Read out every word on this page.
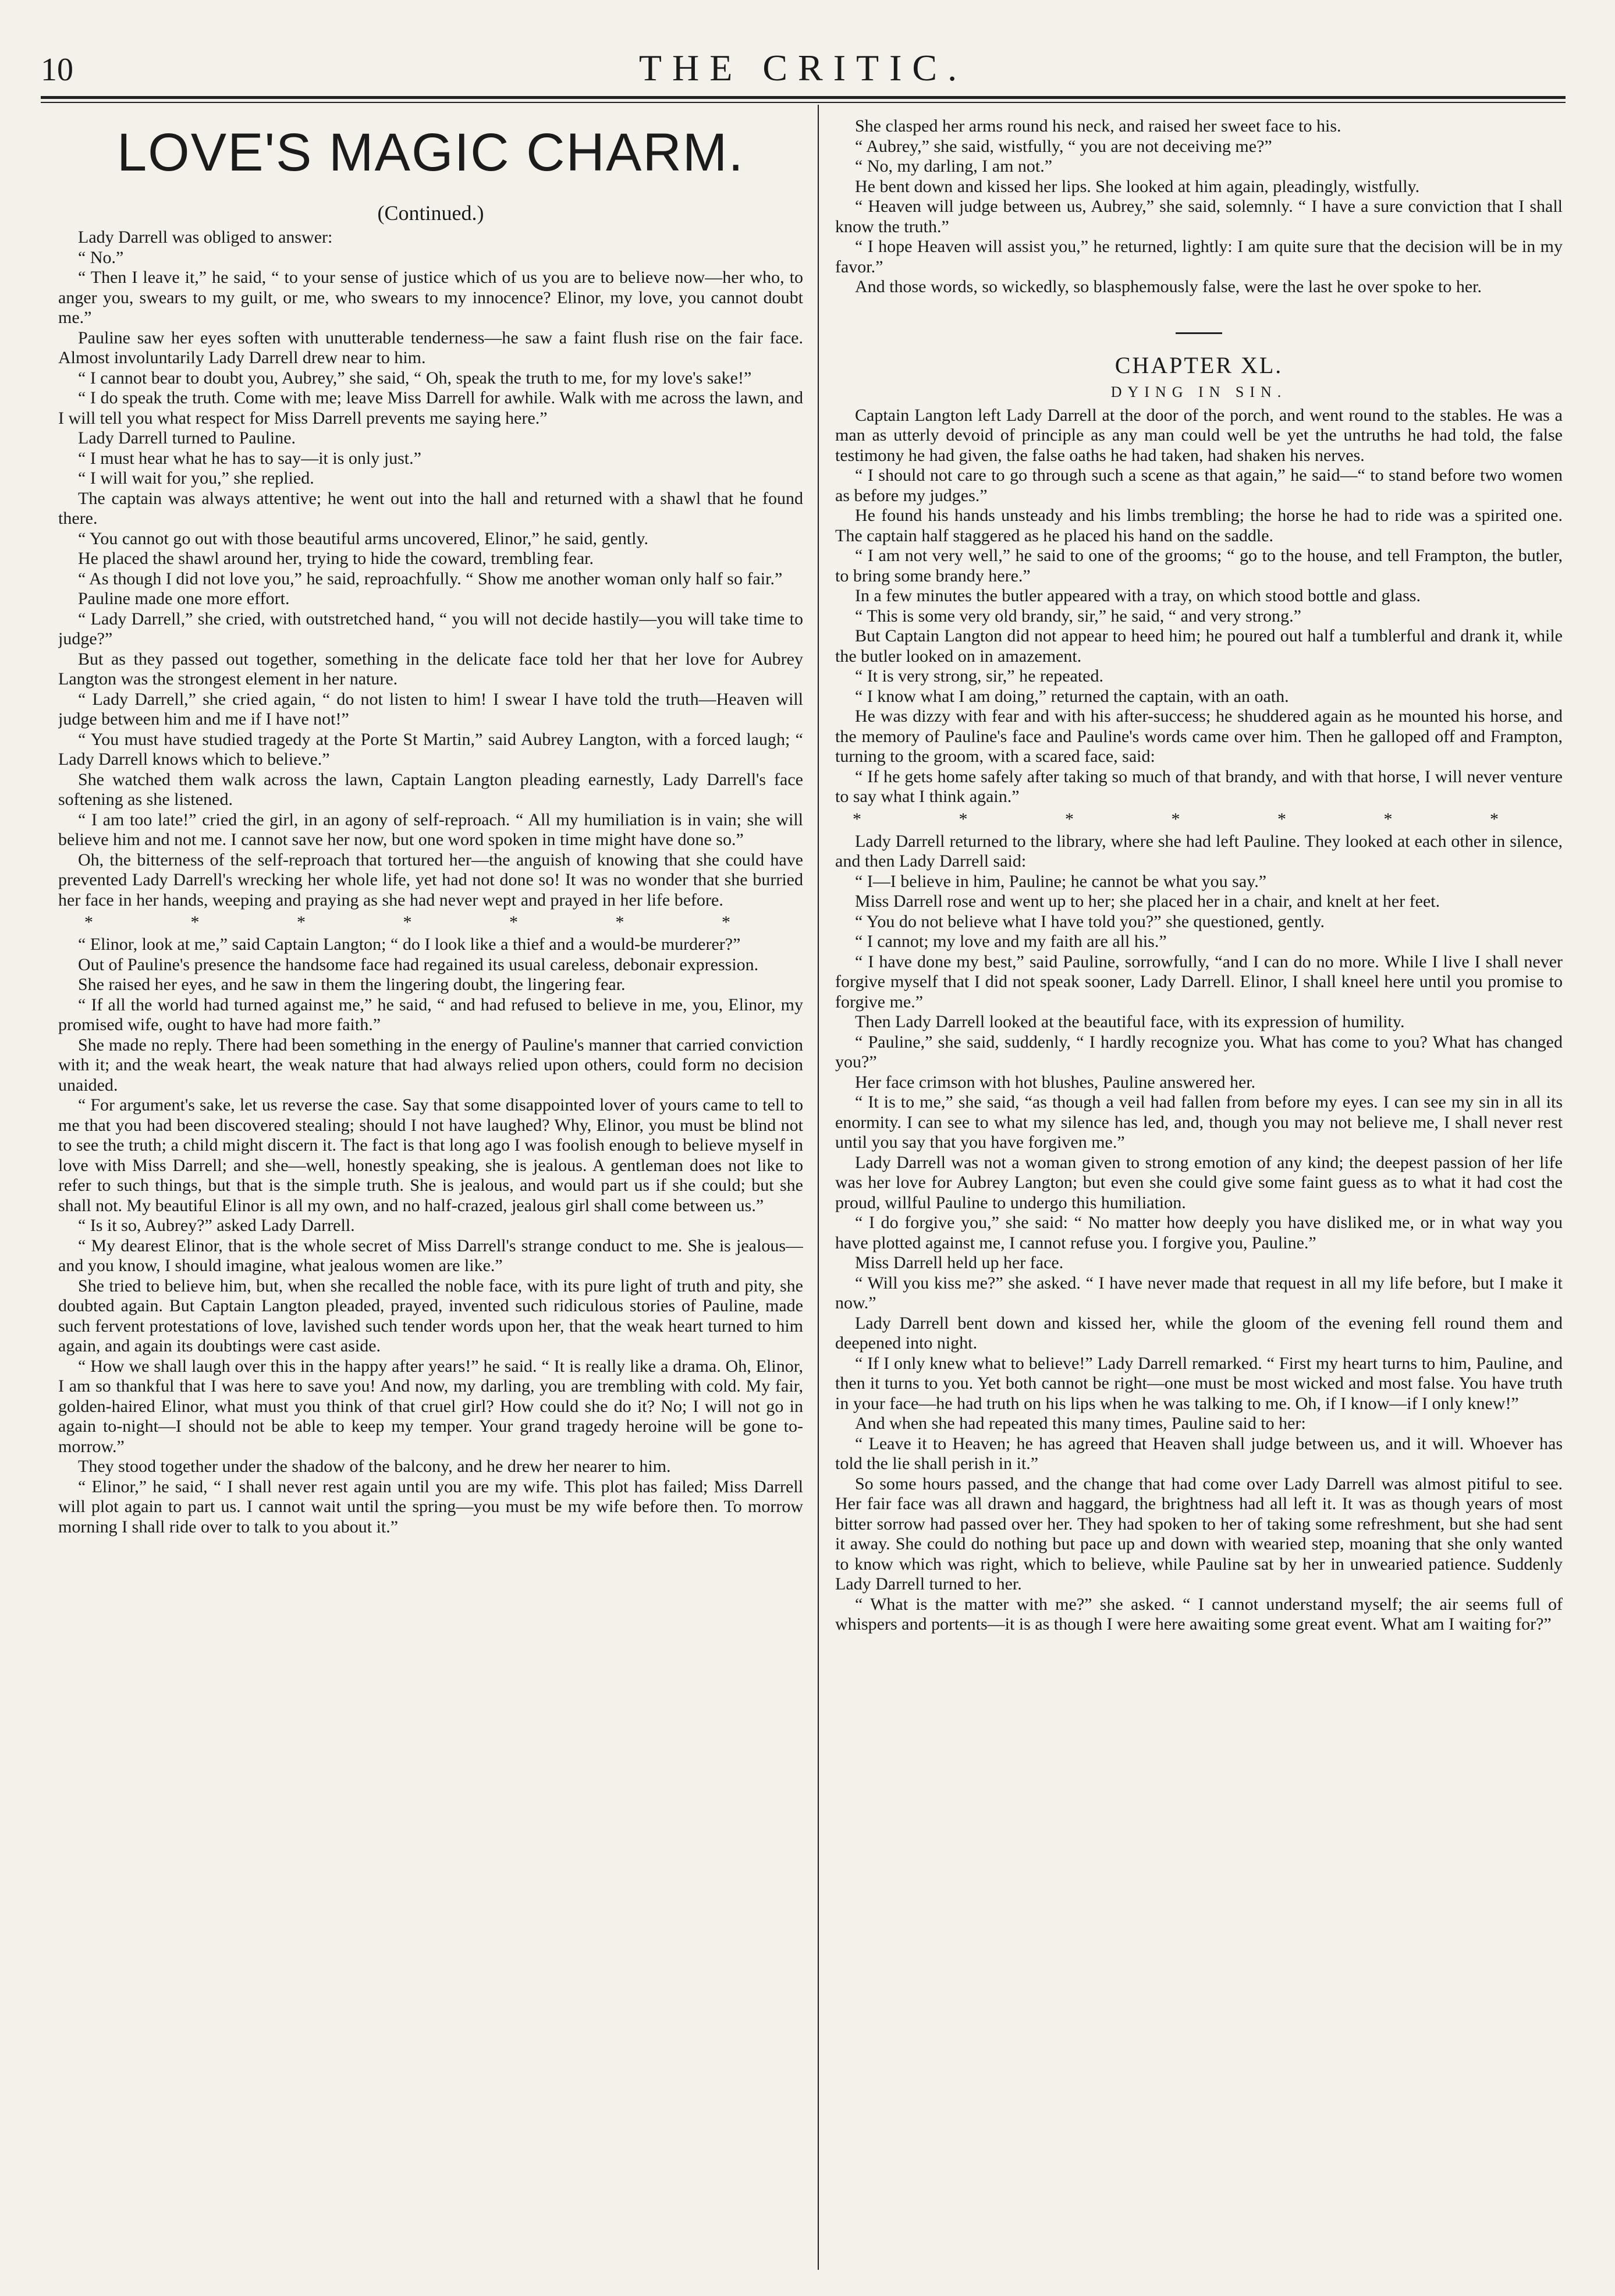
10	THE CRITIC.
LOVE'S MAGIC CHARM.
(Continued.)

Lady Darrell was obliged to answer:

“ No.”

“ Then I leave it,” he said, “ to your sense of justice which of us you are to believe now—her who, to anger you, swears to my guilt, or me, who swears to my innocence? Elinor, my love, you cannot doubt me.”

Pauline saw her eyes soften with unutterable tenderness—he saw a faint flush rise on the fair face. Almost involuntarily Lady Darrell drew near to him.

“ I cannot bear to doubt you, Aubrey,” she said, “ Oh, speak the truth to me, for my love's sake!”

“ I do speak the truth. Come with me; leave Miss Darrell for awhile. Walk with me across the lawn, and I will tell you what respect for Miss Darrell prevents me saying here.”

Lady Darrell turned to Pauline.

“ I must hear what he has to say—it is only just.”

“ I will wait for you,” she replied.

The captain was always attentive; he went out into the hall and returned with a shawl that he found there.

“ You cannot go out with those beautiful arms uncovered, Elinor,” he said, gently.

He placed the shawl around her, trying to hide the coward, trembling fear.

“ As though I did not love you,” he said, reproachfully. “ Show me another woman only half so fair.”

Pauline made one more effort.

“ Lady Darrell,” she cried, with outstretched hand, “ you will not decide hastily—you will take time to judge?”

But as they passed out together, something in the delicate face told her that her love for Aubrey Langton was the strongest element in her nature.

“ Lady Darrell,” she cried again, “ do not listen to him! I swear I have told the truth—Heaven will judge between him and me if I have not!”

“ You must have studied tragedy at the Porte St Martin,” said Aubrey Langton, with a forced laugh; “ Lady Darrell knows which to believe.”

She watched them walk across the lawn, Captain Langton pleading earnestly, Lady Darrell's face softening as she listened.

“ I am too late!” cried the girl, in an agony of self-reproach. “ All my humiliation is in vain; she will believe him and not me. I cannot save her now, but one word spoken in time might have done so.”

Oh, the bitterness of the self-reproach that tortured her—the anguish of knowing that she could have prevented Lady Darrell's wrecking her whole life, yet had not done so! It was no wonder that she burried her face in her hands, weeping and praying as she had never wept and prayed in her life before.

* * * * * * *

“ Elinor, look at me,” said Captain Langton; “ do I look like a thief and a would-be murderer?”

Out of Pauline's presence the handsome face had regained its usual careless, debonair expression.

She raised her eyes, and he saw in them the lingering doubt, the lingering fear.

“ If all the world had turned against me,” he said, “ and had refused to believe in me, you, Elinor, my promised wife, ought to have had more faith.”

She made no reply. There had been something in the energy of Pauline's manner that carried conviction with it; and the weak heart, the weak nature that had always relied upon others, could form no decision unaided.

“ For argument's sake, let us reverse the case. Say that some disappointed lover of yours came to tell to me that you had been discovered stealing; should I not have laughed? Why, Elinor, you must be blind not to see the truth; a child might discern it. The fact is that long ago I was foolish enough to believe myself in love with Miss Darrell; and she—well, honestly speaking, she is jealous. A gentleman does not like to refer to such things, but that is the simple truth. She is jealous, and would part us if she could; but she shall not. My beautiful Elinor is all my own, and no half-crazed, jealous girl shall come between us.”

“ Is it so, Aubrey?” asked Lady Darrell.

“ My dearest Elinor, that is the whole secret of Miss Darrell's strange conduct to me. She is jealous—and you know, I should imagine, what jealous women are like.”

She tried to believe him, but, when she recalled the noble face, with its pure light of truth and pity, she doubted again. But Captain Langton pleaded, prayed, invented such ridiculous stories of Pauline, made such fervent protestations of love, lavished such tender words upon her, that the weak heart turned to him again, and again its doubtings were cast aside.

“ How we shall laugh over this in the happy after years!” he said. “ It is really like a drama. Oh, Elinor, I am so thankful that I was here to save you! And now, my darling, you are trembling with cold. My fair, golden-haired Elinor, what must you think of that cruel girl? How could she do it? No; I will not go in again to-night—I should not be able to keep my temper. Your grand tragedy heroine will be gone to-morrow.”

They stood together under the shadow of the balcony, and he drew her nearer to him.

“ Elinor,” he said, “ I shall never rest again until you are my wife. This plot has failed; Miss Darrell will plot again to part us. I cannot wait until the spring—you must be my wife before then. To morrow morning I shall ride over to talk to you about it.”

She clasped her arms round his neck, and raised her sweet face to his.

“ Aubrey,” she said, wistfully, “ you are not deceiving me?”

“ No, my darling, I am not.”

He bent down and kissed her lips. She looked at him again, pleadingly, wistfully.

“ Heaven will judge between us, Aubrey,” she said, solemnly. “ I have a sure conviction that I shall know the truth.”

“ I hope Heaven will assist you,” he returned, lightly: I am quite sure that the decision will be in my favor.”

And those words, so wickedly, so blasphemously false, were the last he over spoke to her.

CHAPTER XL.
DYING IN SIN.

Captain Langton left Lady Darrell at the door of the porch, and went round to the stables. He was a man as utterly devoid of principle as any man could well be yet the untruths he had told, the false testimony he had given, the false oaths he had taken, had shaken his nerves.

“ I should not care to go through such a scene as that again,” he said—“ to stand before two women as before my judges.”

He found his hands unsteady and his limbs trembling; the horse he had to ride was a spirited one. The captain half staggered as he placed his hand on the saddle.

“ I am not very well,” he said to one of the grooms; “ go to the house, and tell Frampton, the butler, to bring some brandy here.”

In a few minutes the butler appeared with a tray, on which stood bottle and glass.

“ This is some very old brandy, sir,” he said, “ and very strong.”

But Captain Langton did not appear to heed him; he poured out half a tumblerful and drank it, while the butler looked on in amazement.

“ It is very strong, sir,” he repeated.

“ I know what I am doing,” returned the captain, with an oath.

He was dizzy with fear and with his after-success; he shuddered again as he mounted his horse, and the memory of Pauline's face and Pauline's words came over him. Then he galloped off and Frampton, turning to the groom, with a scared face, said:

“ If he gets home safely after taking so much of that brandy, and with that horse, I will never venture to say what I think again.”

* * * * * * *

Lady Darrell returned to the library, where she had left Pauline. They looked at each other in silence, and then Lady Darrell said:

“ I—I believe in him, Pauline; he cannot be what you say.”

Miss Darrell rose and went up to her; she placed her in a chair, and knelt at her feet.

“ You do not believe what I have told you?” she questioned, gently.

“ I cannot; my love and my faith are all his.”

“ I have done my best,” said Pauline, sorrowfully, “and I can do no more. While I live I shall never forgive myself that I did not speak sooner, Lady Darrell. Elinor, I shall kneel here until you promise to forgive me.”

Then Lady Darrell looked at the beautiful face, with its expression of humility.

“ Pauline,” she said, suddenly, “ I hardly recognize you. What has come to you? What has changed you?”

Her face crimson with hot blushes, Pauline answered her.

“ It is to me,” she said, “as though a veil had fallen from before my eyes. I can see my sin in all its enormity. I can see to what my silence has led, and, though you may not believe me, I shall never rest until you say that you have forgiven me.”

Lady Darrell was not a woman given to strong emotion of any kind; the deepest passion of her life was her love for Aubrey Langton; but even she could give some faint guess as to what it had cost the proud, willful Pauline to undergo this humiliation.

“ I do forgive you,” she said: “ No matter how deeply you have disliked me, or in what way you have plotted against me, I cannot refuse you. I forgive you, Pauline.”

Miss Darrell held up her face.

“ Will you kiss me?” she asked. “ I have never made that request in all my life before, but I make it now.”

Lady Darrell bent down and kissed her, while the gloom of the evening fell round them and deepened into night.

“ If I only knew what to believe!” Lady Darrell remarked. “ First my heart turns to him, Pauline, and then it turns to you. Yet both cannot be right—one must be most wicked and most false. You have truth in your face—he had truth on his lips when he was talking to me. Oh, if I know—if I only knew!”

And when she had repeated this many times, Pauline said to her:

“ Leave it to Heaven; he has agreed that Heaven shall judge between us, and it will. Whoever has told the lie shall perish in it.”

So some hours passed, and the change that had come over Lady Darrell was almost pitiful to see. Her fair face was all drawn and haggard, the brightness had all left it. It was as though years of most bitter sorrow had passed over her. They had spoken to her of taking some refreshment, but she had sent it away. She could do nothing but pace up and down with wearied step, moaning that she only wanted to know which was right, which to believe, while Pauline sat by her in unwearied patience. Suddenly Lady Darrell turned to her.

“ What is the matter with me?” she asked. “ I cannot understand myself; the air seems full of whispers and portents—it is as though I were here awaiting some great event. What am I waiting for?”
